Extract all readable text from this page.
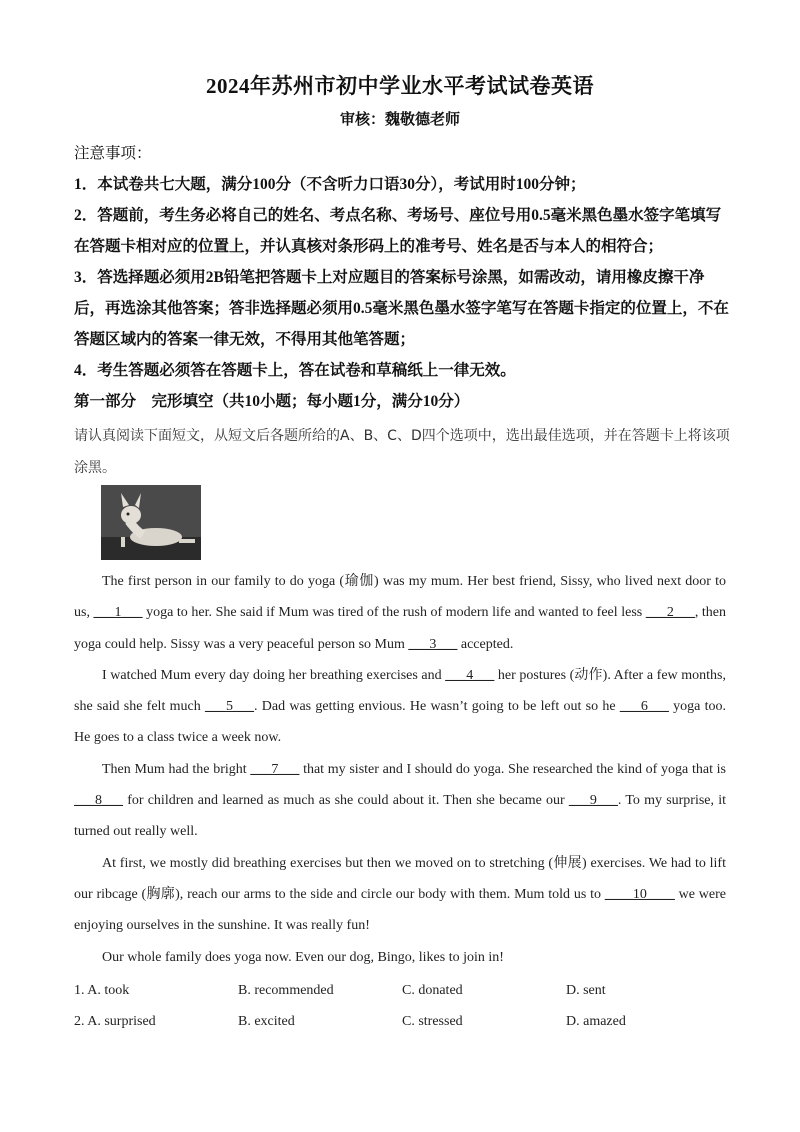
2024年苏州市初中学业水平考试试卷英语
审核：魏敬德老师

注意事项：

1．本试卷共七大题，满分100分（不含听力口语30分），考试用时100分钟；

2．答题前，考生务必将自己的姓名、考点名称、考场号、座位号用0.5毫米黑色墨水签字笔填写在答题卡相对应的位置上，并认真核对条形码上的准考号、姓名是否与本人的相符合；

3．答选择题必须用2B铅笔把答题卡上对应题目的答案标号涂黑，如需改动，请用橡皮擦干净后，再选涂其他答案；答非选择题必须用0.5毫米黑色墨水签字笔写在答题卡指定的位置上，不在答题区域内的答案一律无效，不得用其他笔答题；

4．考生答题必须答在答题卡上，答在试卷和草稿纸上一律无效。

第一部分　完形填空（共10小题；每小题1分，满分10分）

请认真阅读下面短文，从短文后各题所给的A、B、C、D四个选项中，选出最佳选项，并在答题卡上将该项涂黑。

The first person in our family to do yoga (瑜伽) was my mum. Her best friend, Sissy, who lived next door to us, ___1___ yoga to her. She said if Mum was tired of the rush of modern life and wanted to feel less ___2___, then yoga could help. Sissy was a very peaceful person so Mum ___3___ accepted.

I watched Mum every day doing her breathing exercises and ___4___ her postures (动作). After a few months, she said she felt much ___5___. Dad was getting envious. He wasn’t going to be left out so he ___6___ yoga too. He goes to a class twice a week now.

Then Mum had the bright ___7___ that my sister and I should do yoga. She researched the kind of yoga that is ___8___ for children and learned as much as she could about it. Then she became our ___9___. To my surprise, it turned out really well.

At first, we mostly did breathing exercises but then we moved on to stretching (伸展) exercises. We had to lift our ribcage (胸廓), reach our arms to the side and circle our body with them. Mum told us to ____10____ we were enjoying ourselves in the sunshine. It was really fun!

Our whole family does yoga now. Even our dog, Bingo, likes to join in!

1. A. took	B. recommended	C. donated	D. sent
2. A. surprised	B. excited	C. stressed	D. amazed
